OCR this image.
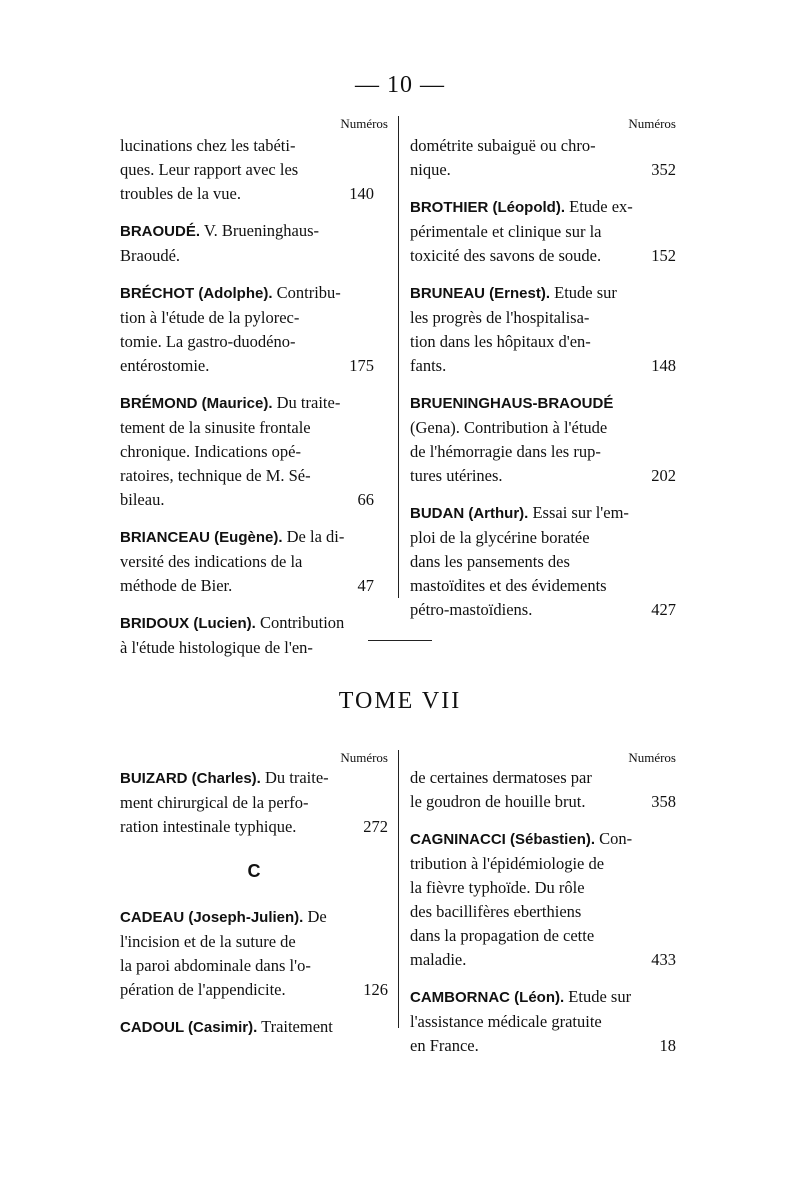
— 10 —
Numéros	Numéros
lucinations chez les tabéti-
ques. Leur rapport avec les
troubles de la vue.	140
BRAOUDÉ. V. Brueninghaus-
Braoudé.
BRÉCHOT (Adolphe). Contribu-
tion à l'étude de la pylorec-
tomie. La gastro-duodéno-
entérostomie.	175
BRÉMOND (Maurice). Du traite-
tement de la sinusite frontale
chronique. Indications opé-
ratoires, technique de M. Sé-
bileau.	66
BRIANCEAU (Eugène). De la di-
versité des indications de la
méthode de Bier.	47
BRIDOUX (Lucien). Contribution
à l'étude histologique de l'en-
dométrite subaiguë ou chro-
nique.	352
BROTHIER (Léopold). Etude ex-
périmentale et clinique sur la
toxicité des savons de soude.	152
BRUNEAU (Ernest). Etude sur
les progrès de l'hospitalisa-
tion dans les hôpitaux d'en-
fants.	148
BRUENINGHAUS-BRAOUDÉ
(Gena). Contribution à l'étude
de l'hémorragie dans les rup-
tures utérines.	202
BUDAN (Arthur). Essai sur l'em-
ploi de la glycérine boratée
dans les pansements des
mastoïdites et des évidements
pétro-mastoïdiens.	427
TOME VII
Numéros	Numéros
BUIZARD (Charles). Du traite-
ment chirurgical de la perfo-
ration intestinale typhique.	272
C
CADEAU (Joseph-Julien). De
l'incision et de la suture de
la paroi abdominale dans l'o-
pération de l'appendicite.	126
CADOUL (Casimir). Traitement
de certaines dermatoses par
le goudron de houille brut.	358
CAGNINACCI (Sébastien). Con-
tribution à l'épidémiologie de
la fièvre typhoïde. Du rôle
des bacillifères eberthiens
dans la propagation de cette
maladie.	433
CAMBORNAC (Léon). Etude sur
l'assistance médicale gratuite
en France.	18
